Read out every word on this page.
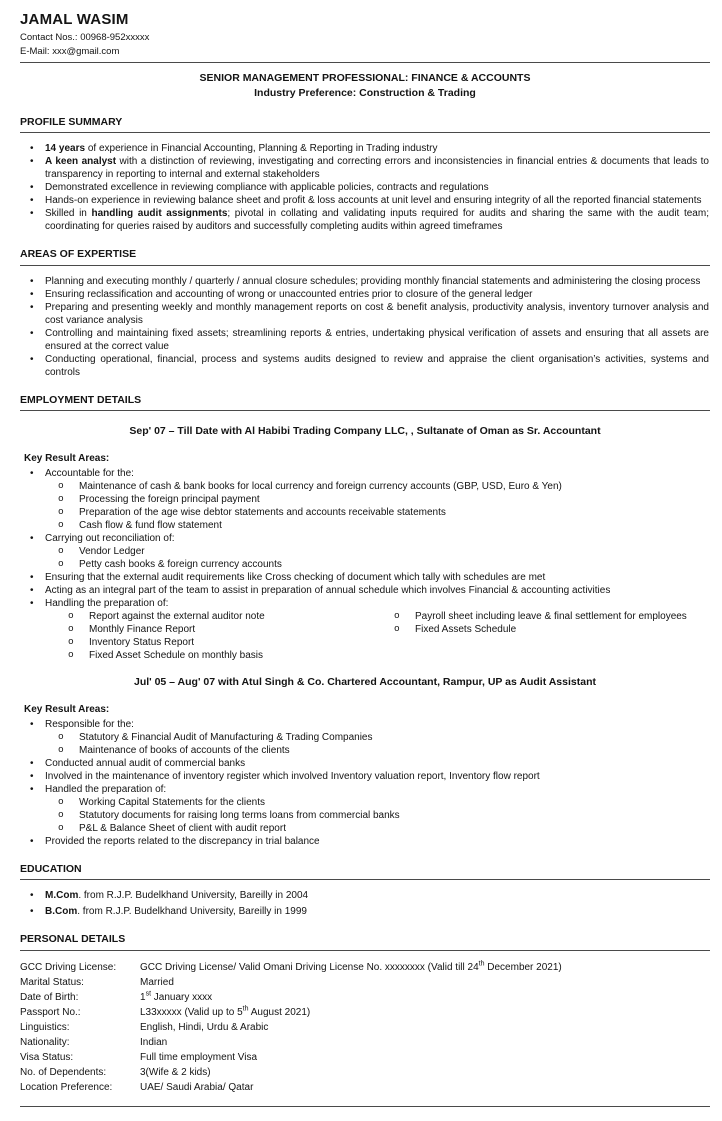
JAMAL WASIM
Contact Nos.: 00968-952xxxxx
E-Mail: xxx@gmail.com
SENIOR MANAGEMENT PROFESSIONAL: FINANCE & ACCOUNTS
Industry Preference: Construction & Trading
PROFILE SUMMARY
•	14 years of experience in Financial Accounting, Planning & Reporting in Trading industry
•	A keen analyst with a distinction of reviewing, investigating and correcting errors and inconsistencies in financial entries & documents that leads to transparency in reporting to internal and external stakeholders
•	Demonstrated excellence in reviewing compliance with applicable policies, contracts and regulations
•	Hands-on experience in reviewing balance sheet and profit & loss accounts at unit level and ensuring integrity of all the reported financial statements
•	Skilled in handling audit assignments; pivotal in collating and validating inputs required for audits and sharing the same with the audit team; coordinating for queries raised by auditors and successfully completing audits within agreed timeframes
AREAS OF EXPERTISE
•	Planning and executing monthly / quarterly / annual closure schedules; providing monthly financial statements and administering the closing process
•	Ensuring reclassification and accounting of wrong or unaccounted entries prior to closure of the general ledger
•	Preparing and presenting weekly and monthly management reports on cost & benefit analysis, productivity analysis, inventory turnover analysis and cost variance analysis
•	Controlling and maintaining fixed assets; streamlining reports & entries, undertaking physical verification of assets and ensuring that all assets are ensured at the correct value
•	Conducting operational, financial, process and systems audits designed to review and appraise the client organisation’s activities, systems and controls
EMPLOYMENT DETAILS
Sep' 07 – Till Date with Al Habibi Trading Company LLC, , Sultanate of Oman as Sr. Accountant
Key Result Areas:
•	Accountable for the:
o	Maintenance of cash & bank books for local currency and foreign currency accounts (GBP, USD, Euro & Yen)
o	Processing the foreign principal payment
o	Preparation of the age wise debtor statements and accounts receivable statements
o	Cash flow & fund flow statement
•	Carrying out reconciliation of:
o	Vendor Ledger
o	Petty cash books & foreign currency accounts
•	Ensuring that the external audit requirements like Cross checking of document which tally with schedules are met
•	Acting as an integral part of the team to assist in preparation of annual schedule which involves Financial & accounting activities
•	Handling the preparation of:
o	Report against the external auditor note
o	Monthly Finance Report
o	Inventory Status Report
o	Fixed Asset Schedule on monthly basis
o	Payroll sheet including leave & final settlement for employees
o	Fixed Assets Schedule
Jul' 05 – Aug' 07 with Atul Singh & Co. Chartered Accountant, Rampur, UP as Audit Assistant
Key Result Areas:
•	Responsible for the:
o	Statutory & Financial Audit of Manufacturing & Trading Companies
o	Maintenance of books of accounts of the clients
•	Conducted annual audit of commercial banks
•	Involved in the maintenance of inventory register which involved Inventory valuation report, Inventory flow report
•	Handled the preparation of:
o	Working Capital Statements for the clients
o	Statutory documents for raising long terms loans from commercial banks
o	P&L & Balance Sheet of client with audit report
•	Provided the reports related to the discrepancy in trial balance
EDUCATION
•	M.Com. from R.J.P. Budelkhand University, Bareilly in 2004
•	B.Com. from R.J.P. Budelkhand University, Bareilly in 1999
PERSONAL DETAILS
GCC Driving License:	GCC Driving License/ Valid Omani Driving License No. xxxxxxxx (Valid till 24th December 2021)
Marital Status:	Married
Date of Birth:	1st January xxxx
Passport No.:	L33xxxxx (Valid up to 5th August 2021)
Linguistics:	English, Hindi, Urdu & Arabic
Nationality:	Indian
Visa Status:	Full time employment Visa
No. of Dependents:	3(Wife & 2 kids)
Location Preference:	UAE/ Saudi Arabia/ Qatar
